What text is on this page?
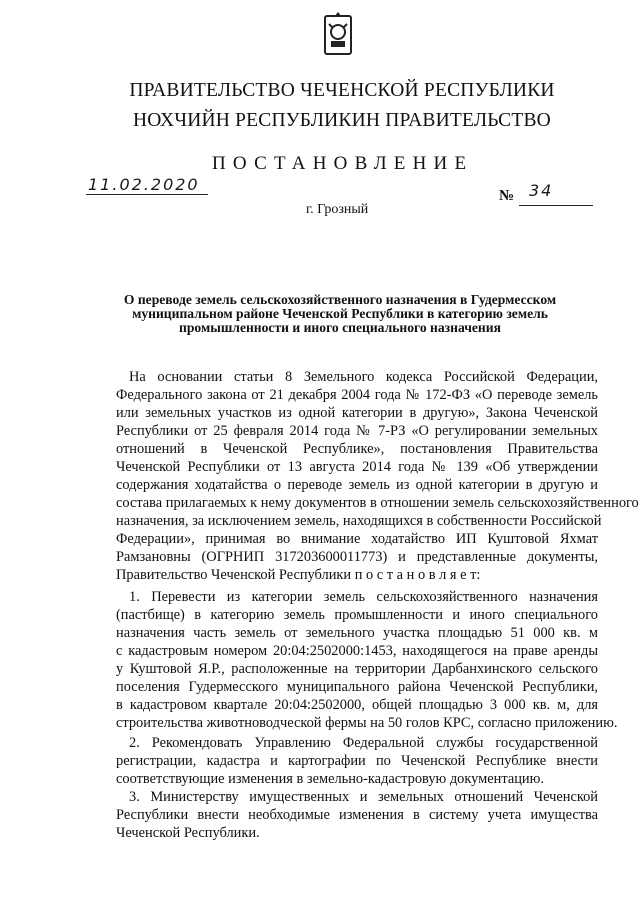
ПРАВИТЕЛЬСТВО ЧЕЧЕНСКОЙ РЕСПУБЛИКИ
НОХЧИЙН РЕСПУБЛИКИН ПРАВИТЕЛЬСТВО
ПОСТАНОВЛЕНИЕ
11.02.2020
№ 34
г. Грозный
О переводе земель сельскохозяйственного назначения в Гудермесском
муниципальном районе Чеченской Республики в категорию земель
промышленности и иного специального назначения
На основании статьи 8 Земельного кодекса Российской Федерации,
Федерального закона от 21 декабря 2004 года № 172-ФЗ «О переводе земель
или земельных участков из одной категории в другую», Закона Чеченской
Республики от 25 февраля 2014 года № 7-РЗ «О регулировании земельных
отношений в Чеченской Республике», постановления Правительства
Чеченской Республики от 13 августа 2014 года № 139 «Об утверждении
содержания ходатайства о переводе земель из одной категории в другую и
состава прилагаемых к нему документов в отношении земель сельскохозяйственного
назначения, за исключением земель, находящихся в собственности Российской
Федерации», принимая во внимание ходатайство ИП Куштовой Яхмат
Рамзановны (ОГРНИП 317203600011773) и представленные документы,
Правительство Чеченской Республики п о с т а н о в л я е т:
1. Перевести из категории земель сельскохозяйственного назначения
(пастбище) в категорию земель промышленности и иного специального
назначения часть земель от земельного участка площадью 51 000 кв. м
с кадастровым номером 20:04:2502000:1453, находящегося на праве аренды
у Куштовой Я.Р., расположенные на территории Дарбанхинского сельского
поселения Гудермесского муниципального района Чеченской Республики,
в кадастровом квартале 20:04:2502000, общей площадью 3 000 кв. м, для
строительства животноводческой фермы на 50 голов КРС, согласно приложению.
2. Рекомендовать Управлению Федеральной службы государственной
регистрации, кадастра и картографии по Чеченской Республике внести
соответствующие изменения в земельно-кадастровую документацию.
3. Министерству имущественных и земельных отношений Чеченской
Республики внести необходимые изменения в систему учета имущества
Чеченской Республики.
